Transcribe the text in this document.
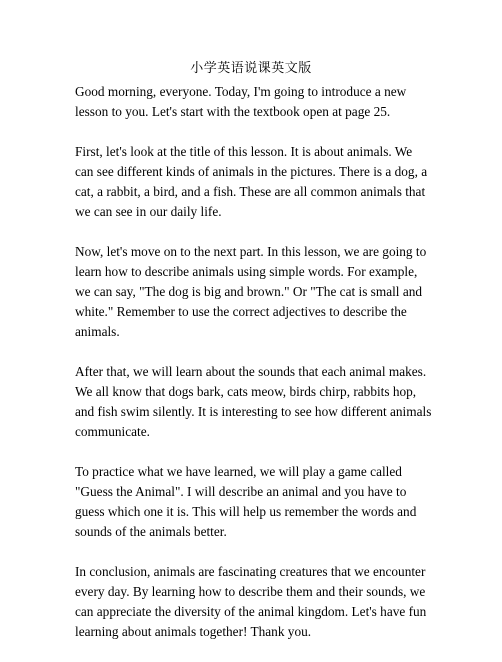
小学英语说课英文版

Good morning, everyone. Today, I'm going to introduce a new
lesson to you. Let's start with the textbook open at page 25.

First, let's look at the title of this lesson. It is about animals. We
can see different kinds of animals in the pictures. There is a dog, a
cat, a rabbit, a bird, and a fish. These are all common animals that
we can see in our daily life.

Now, let's move on to the next part. In this lesson, we are going to
learn how to describe animals using simple words. For example,
we can say, "The dog is big and brown." Or "The cat is small and
white." Remember to use the correct adjectives to describe the
animals.

After that, we will learn about the sounds that each animal makes.
We all know that dogs bark, cats meow, birds chirp, rabbits hop,
and fish swim silently. It is interesting to see how different animals
communicate.

To practice what we have learned, we will play a game called
"Guess the Animal". I will describe an animal and you have to
guess which one it is. This will help us remember the words and
sounds of the animals better.

In conclusion, animals are fascinating creatures that we encounter
every day. By learning how to describe them and their sounds, we
can appreciate the diversity of the animal kingdom. Let's have fun
learning about animals together! Thank you.
